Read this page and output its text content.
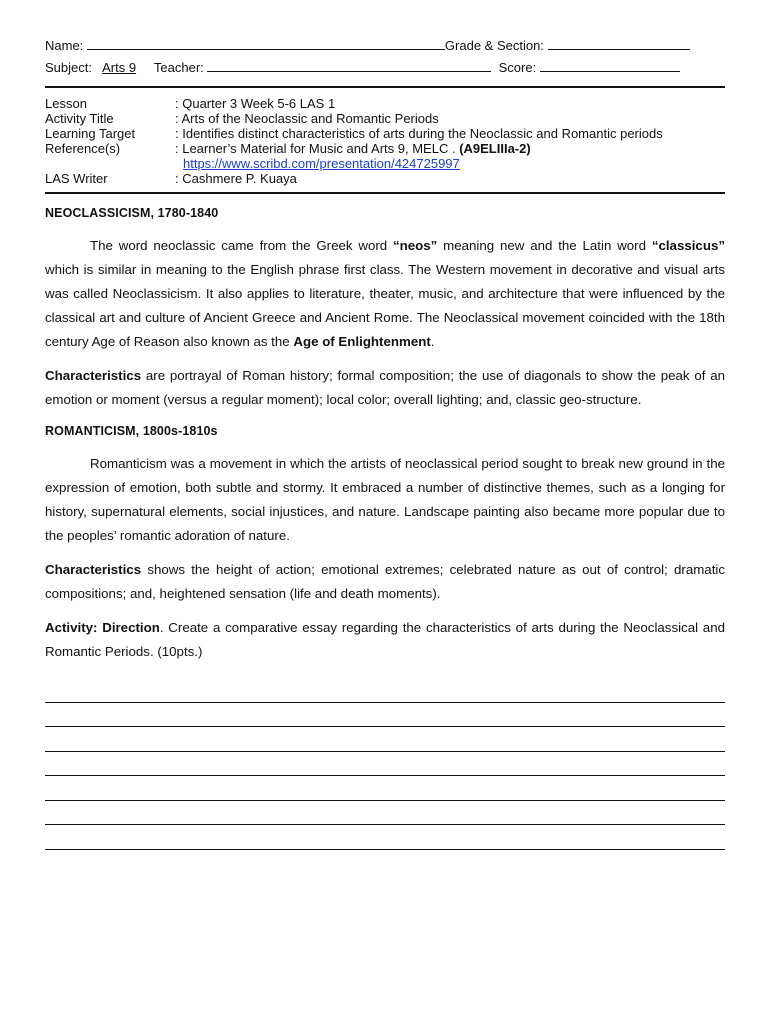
Name:	Grade & Section:
Subject: Arts 9 Teacher:	Score:
Lesson	: Quarter 3 Week 5-6 LAS 1
Activity Title	: Arts of the Neoclassic and Romantic Periods
Learning Target	: Identifies distinct characteristics of arts during the Neoclassic and Romantic periods
Reference(s)	: Learner’s Material for Music and Arts 9, MELC . (A9ELIIIa-2)
https://www.scribd.com/presentation/424725997
LAS Writer	: Cashmere P. Kuaya
NEOCLASSICISM, 1780-1840

The word neoclassic came from the Greek word “neos” meaning new and the Latin word “classicus” which is similar in meaning to the English phrase first class. The Western movement in decorative and visual arts was called Neoclassicism. It also applies to literature, theater, music, and architecture that were influenced by the classical art and culture of Ancient Greece and Ancient Rome. The Neoclassical movement coincided with the 18th century Age of Reason also known as the Age of Enlightenment.

Characteristics are portrayal of Roman history; formal composition; the use of diagonals to show the peak of an emotion or moment (versus a regular moment); local color; overall lighting; and, classic geo-structure.

ROMANTICISM, 1800s-1810s

Romanticism was a movement in which the artists of neoclassical period sought to break new ground in the expression of emotion, both subtle and stormy. It embraced a number of distinctive themes, such as a longing for history, supernatural elements, social injustices, and nature. Landscape painting also became more popular due to the peoples’ romantic adoration of nature.

Characteristics shows the height of action; emotional extremes; celebrated nature as out of control; dramatic compositions; and, heightened sensation (life and death moments).

Activity: Direction. Create a comparative essay regarding the characteristics of arts during the Neoclassical and Romantic Periods. (10pts.)
